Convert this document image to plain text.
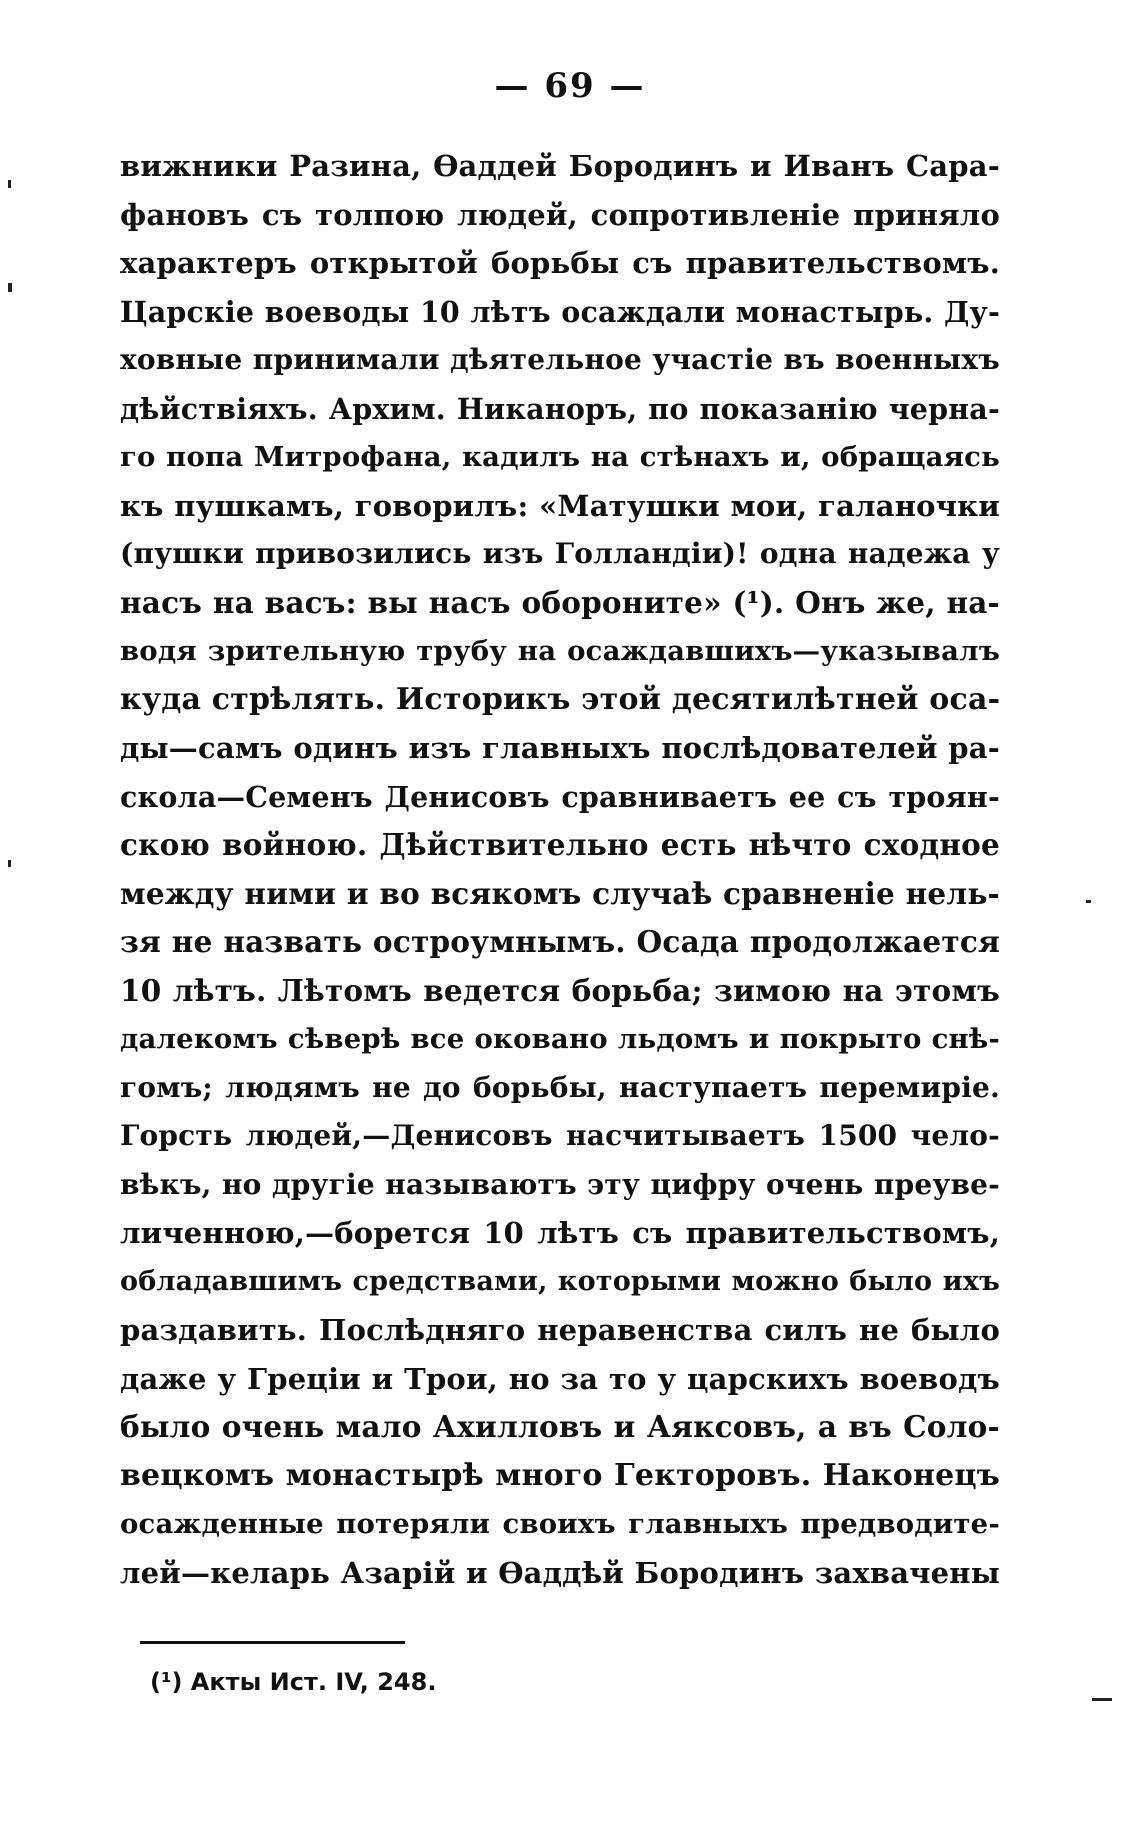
— 69 —
вижники Разина, Ѳаддей Бородинъ и Иванъ Сара-
фановъ съ толпою людей, сопротивленіе приняло
характеръ открытой борьбы съ правительствомъ.
Царскіе воеводы 10 лѣтъ осаждали монастырь. Ду-
ховные принимали дѣятельное участіе въ военныхъ
дѣйствіяхъ. Архим. Никаноръ, по показанію черна-
го попа Митрофана, кадилъ на стѣнахъ и, обращаясь
къ пушкамъ, говорилъ: «Матушки мои, галаночки
(пушки привозились изъ Голландіи)! одна надежа у
насъ на васъ: вы насъ обороните» (¹). Онъ же, на-
водя зрительную трубу на осаждавшихъ—указывалъ
куда стрѣлять. Историкъ этой десятилѣтней оса-
ды—самъ одинъ изъ главныхъ послѣдователей ра-
скола—Семенъ Денисовъ сравниваетъ ее съ троян-
скою войною. Дѣйствительно есть нѣчто сходное
между ними и во всякомъ случаѣ сравненіе нель-
зя не назвать остроумнымъ. Осада продолжается
10 лѣтъ. Лѣтомъ ведется борьба; зимою на этомъ
далекомъ сѣверѣ все оковано льдомъ и покрыто снѣ-
гомъ; людямъ не до борьбы, наступаетъ перемиріе.
Горсть людей,—Денисовъ насчитываетъ 1500 чело-
вѣкъ, но другіе называютъ эту цифру очень преуве-
личенною,—борется 10 лѣтъ съ правительствомъ,
обладавшимъ средствами, которыми можно было ихъ
раздавить. Послѣдняго неравенства силъ не было
даже у Греціи и Трои, но за то у царскихъ воеводъ
было очень мало Ахилловъ и Аяксовъ, а въ Соло-
вецкомъ монастырѣ много Гекторовъ. Наконецъ
осажденные потеряли своихъ главныхъ предводите-
лей—келарь Азарій и Ѳаддѣй Бородинъ захвачены
(¹) Акты Ист. IV, 248.
